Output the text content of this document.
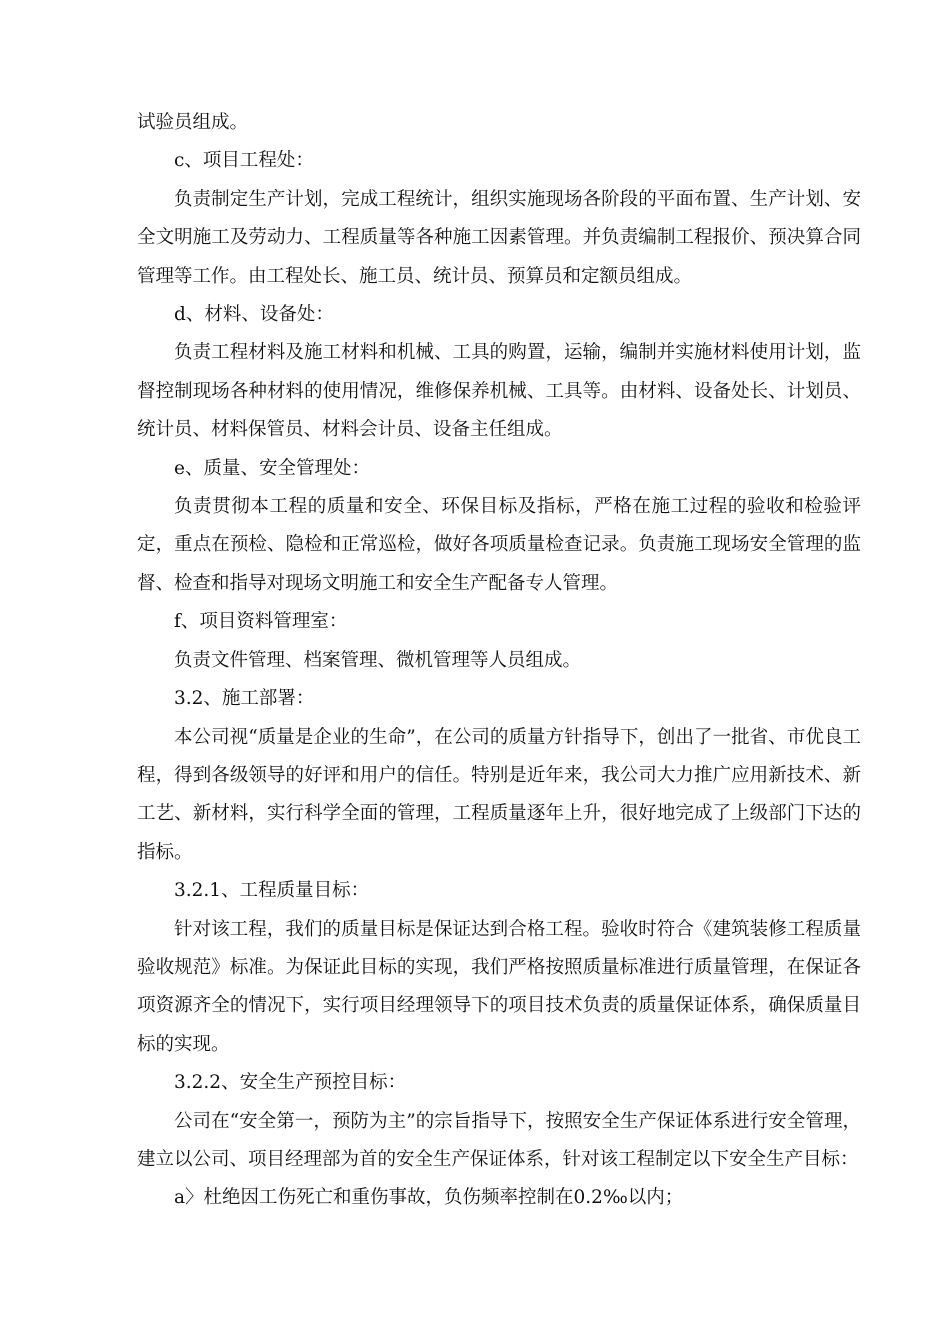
试验员组成。

c、项目工程处：

负责制定生产计划，完成工程统计，组织实施现场各阶段的平面布置、生产计划、安全文明施工及劳动力、工程质量等各种施工因素管理。并负责编制工程报价、预决算合同管理等工作。由工程处长、施工员、统计员、预算员和定额员组成。

d、材料、设备处：

负责工程材料及施工材料和机械、工具的购置，运输，编制并实施材料使用计划，监督控制现场各种材料的使用情况，维修保养机械、工具等。由材料、设备处长、计划员、统计员、材料保管员、材料会计员、设备主任组成。

e、质量、安全管理处：

负责贯彻本工程的质量和安全、环保目标及指标，严格在施工过程的验收和检验评定，重点在预检、隐检和正常巡检，做好各项质量检查记录。负责施工现场安全管理的监督、检查和指导对现场文明施工和安全生产配备专人管理。

f、项目资料管理室：

负责文件管理、档案管理、微机管理等人员组成。

3.2、施工部署：

本公司视“质量是企业的生命”，在公司的质量方针指导下，创出了一批省、市优良工程，得到各级领导的好评和用户的信任。特别是近年来，我公司大力推广应用新技术、新工艺、新材料，实行科学全面的管理，工程质量逐年上升，很好地完成了上级部门下达的指标。

3.2.1、工程质量目标：

针对该工程，我们的质量目标是保证达到合格工程。验收时符合《建筑装修工程质量验收规范》标准。为保证此目标的实现，我们严格按照质量标准进行质量管理，在保证各项资源齐全的情况下，实行项目经理领导下的项目技术负责的质量保证体系，确保质量目标的实现。

3.2.2、安全生产预控目标：

公司在“安全第一，预防为主”的宗旨指导下，按照安全生产保证体系进行安全管理，建立以公司、项目经理部为首的安全生产保证体系，针对该工程制定以下安全生产目标：

a〉杜绝因工伤死亡和重伤事故，负伤频率控制在0.2‰以内；
